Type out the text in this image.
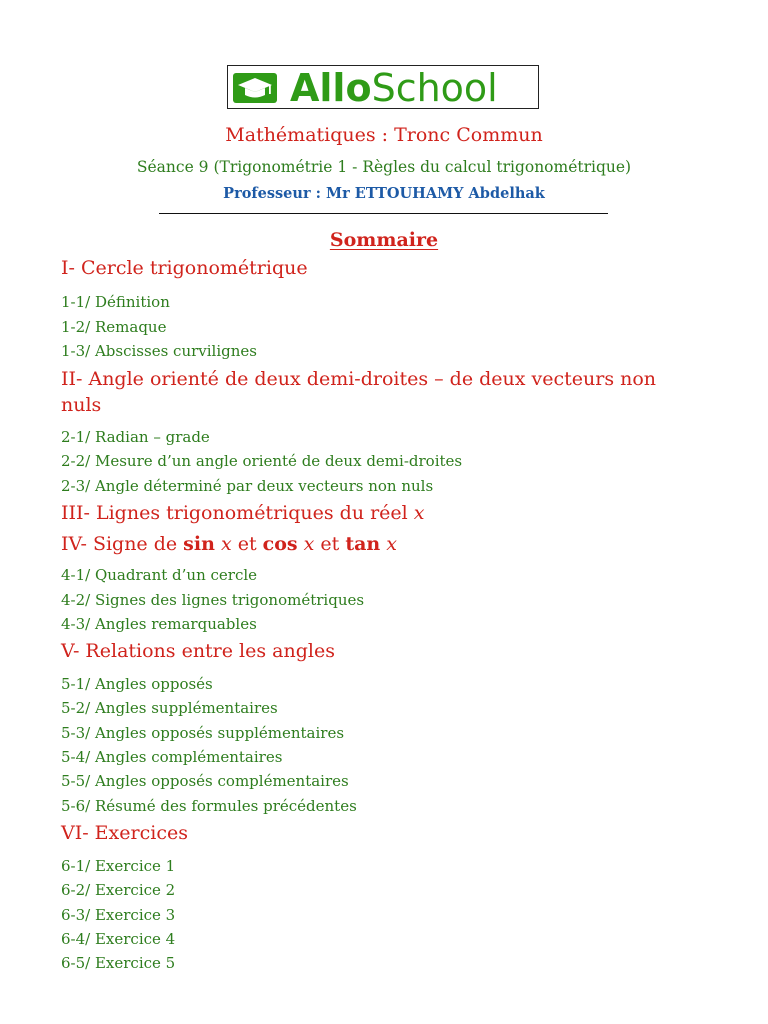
AlloSchool
Mathématiques : Tronc Commun
Séance 9 (Trigonométrie 1 - Règles du calcul trigonométrique)
Professeur : Mr ETTOUHAMY Abdelhak
Sommaire
I- Cercle trigonométrique
1-1/ Définition
1-2/ Remaque
1-3/ Abscisses curvilignes
II- Angle orienté de deux demi-droites – de deux vecteurs non nuls
2-1/ Radian – grade
2-2/ Mesure d’un angle orienté de deux demi-droites
2-3/ Angle déterminé par deux vecteurs non nuls
III- Lignes trigonométriques du réel x
IV- Signe de sin x et cos x et tan x
4-1/ Quadrant d’un cercle
4-2/ Signes des lignes trigonométriques
4-3/ Angles remarquables
V- Relations entre les angles
5-1/ Angles opposés
5-2/ Angles supplémentaires
5-3/ Angles opposés supplémentaires
5-4/ Angles complémentaires
5-5/ Angles opposés complémentaires
5-6/ Résumé des formules précédentes
VI- Exercices
6-1/ Exercice 1
6-2/ Exercice 2
6-3/ Exercice 3
6-4/ Exercice 4
6-5/ Exercice 5
